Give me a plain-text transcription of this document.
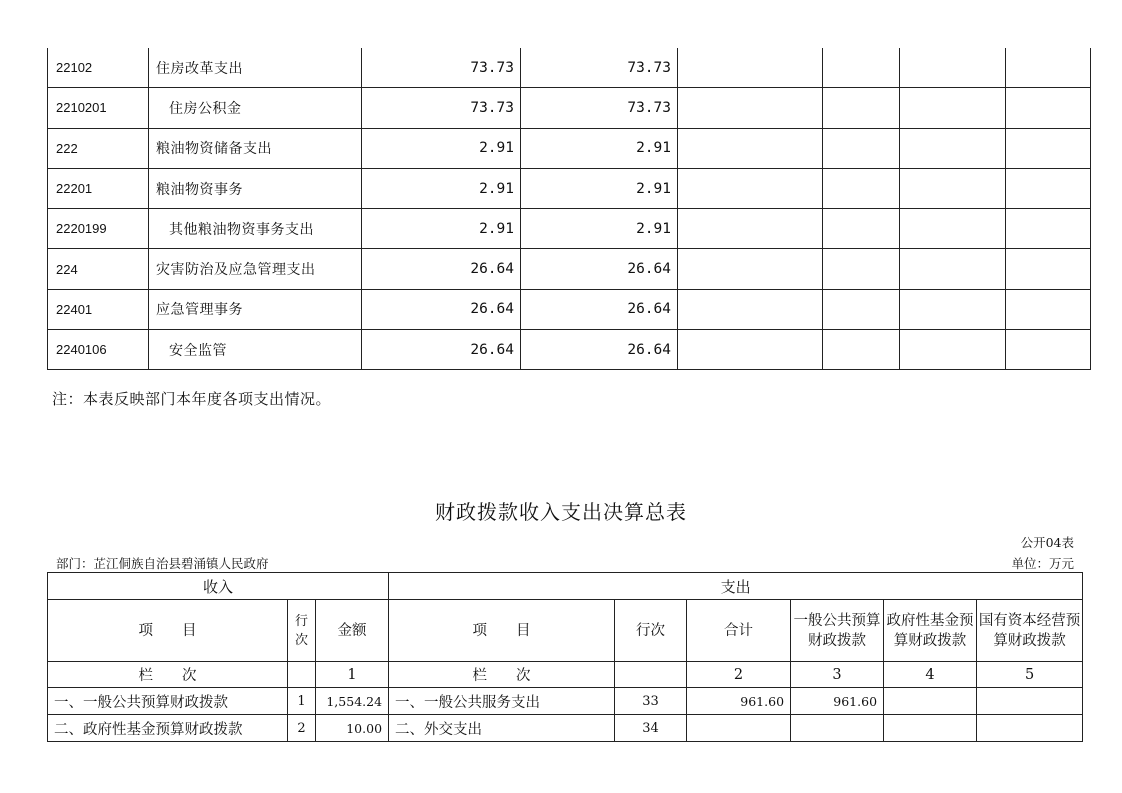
22102	住房改革支出	73.73	73.73				
2210201	住房公积金	73.73	73.73				
222	粮油物资储备支出	2.91	2.91				
22201	粮油物资事务	2.91	2.91				
2220199	其他粮油物资事务支出	2.91	2.91				
224	灾害防治及应急管理支出	26.64	26.64				
22401	应急管理事务	26.64	26.64				
2240106	安全监管	26.64	26.64				
注：本表反映部门本年度各项支出情况。
财政拨款收入支出决算总表
公开04表
部门：芷江侗族自治县碧涌镇人民政府	单位：万元
收入			支出					
项　　目	行次	金额	项　　目	行次	合计	一般公共预算财政拨款	政府性基金预算财政拨款	国有资本经营预算财政拨款
栏　　次		1	栏　　次		2	3	4	5
一、一般公共预算财政拨款	1	1,554.24	一、一般公共服务支出	33	961.60	961.60		
二、政府性基金预算财政拨款	2	10.00	二、外交支出	34				
